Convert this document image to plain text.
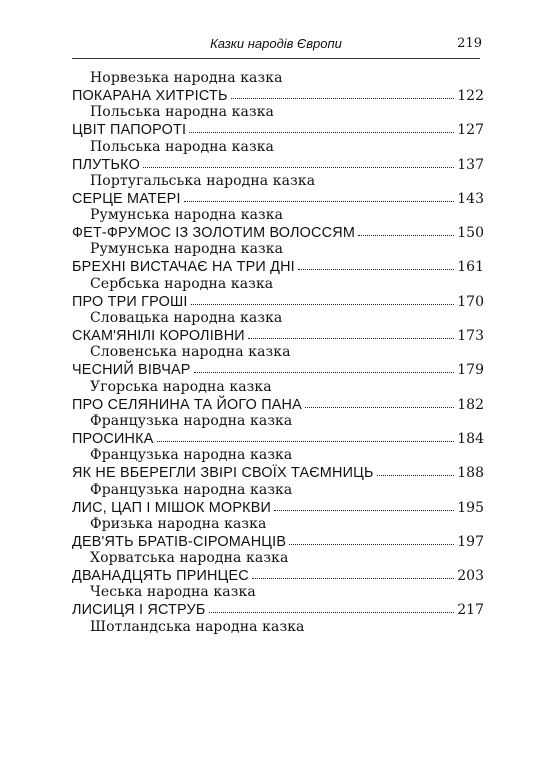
Казки народів Європи	219
Норвезька народна казка
ПОКАРАНА ХИТРІСТЬ	122
Польська народна казка
ЦВІТ ПАПОРОТІ	127
Польська народна казка
ПЛУТЬКО	137
Португальська народна казка
СЕРЦЕ МАТЕРІ	143
Румунська народна казка
ФЕТ-ФРУМОС ІЗ ЗОЛОТИМ ВОЛОССЯМ	150
Румунська народна казка
БРЕХНІ ВИСТАЧАЄ НА ТРИ ДНІ	161
Сербська народна казка
ПРО ТРИ ГРОШІ	170
Словацька народна казка
СКАМ'ЯНІЛІ КОРОЛІВНИ	173
Словенська народна казка
ЧЕСНИЙ ВІВЧАР	179
Угорська народна казка
ПРО СЕЛЯНИНА ТА ЙОГО ПАНА	182
Французька народна казка
ПРОСИНКА	184
Французька народна казка
ЯК НЕ ВБЕРЕГЛИ ЗВІРІ СВОЇХ ТАЄМНИЦЬ	188
Французька народна казка
ЛИС, ЦАП І МІШОК МОРКВИ	195
Фризька народна казка
ДЕВ'ЯТЬ БРАТІВ-СІРОМАНЦІВ	197
Хорватська народна казка
ДВАНАДЦЯТЬ ПРИНЦЕС	203
Чеська народна казка
ЛИСИЦЯ І ЯСТРУБ	217
Шотландська народна казка
